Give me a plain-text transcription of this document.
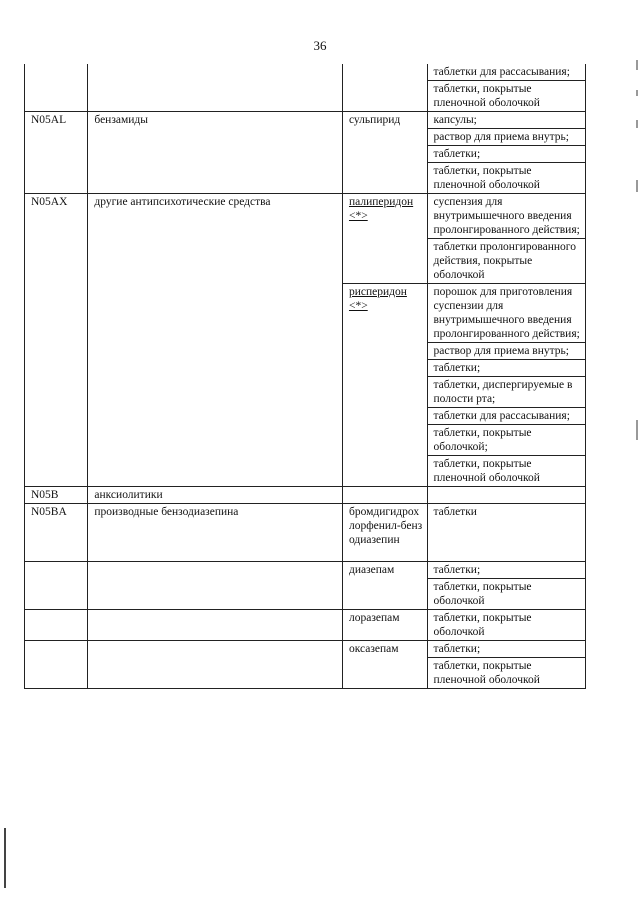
36
			таблетки для рассасывания;
			таблетки, покрытые пленочной оболочкой
N05AL	бензамиды	сульпирид	капсулы;
			раствор для приема внутрь;
			таблетки;
			таблетки, покрытые пленочной оболочкой
N05AX	другие антипсихотические средства	палиперидон <*>	суспензия для внутримышечного введения пролонгированного действия;
			таблетки пролонгированного действия, покрытые оболочкой
		рисперидон <*>	порошок для приготовления суспензии для внутримышечного введения пролонгированного действия;
			раствор для приема внутрь;
			таблетки;
			таблетки, диспергируемые в полости рта;
			таблетки для рассасывания;
			таблетки, покрытые оболочкой;
			таблетки, покрытые пленочной оболочкой
N05B	анксиолитики		
N05BA	производные бензодиазепина	бромдигидрохлорфенил-бензодиазепин	таблетки
		диазепам	таблетки;
			таблетки, покрытые оболочкой
		лоразепам	таблетки, покрытые оболочкой
		оксазепам	таблетки;
			таблетки, покрытые пленочной оболочкой
